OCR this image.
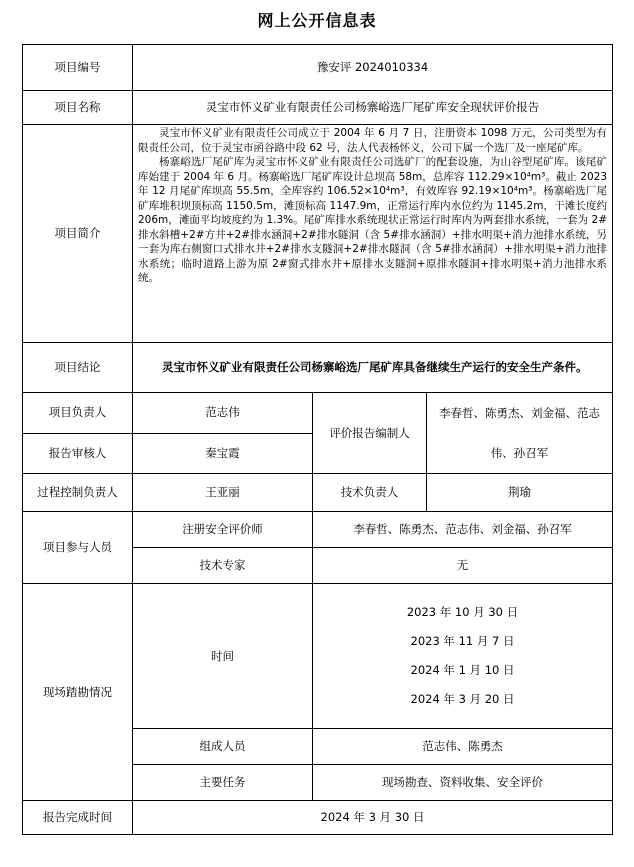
网上公开信息表
项目编号	豫安评 2024010334		
项目名称	灵宝市怀义矿业有限责任公司杨寨峪选厂尾矿库安全现状评价报告		
项目简介	灵宝市怀义矿业有限责任公司成立于 2004 年 6 月 7 日，注册资本 1098 万元，公司类型为有限责任公司，位于灵宝市函谷路中段 62 号，法人代表杨怀义，公司下属一个选厂及一座尾矿库。

杨寨峪选厂尾矿库为灵宝市怀义矿业有限责任公司选矿厂的配套设施，为山谷型尾矿库。该尾矿库始建于 2004 年 6 月。杨寨峪选厂尾矿库设计总坝高 58m，总库容 112.29×10⁴m³。截止 2023 年 12 月尾矿库坝高 55.5m，全库容约 106.52×10⁴m³，有效库容 92.19×10⁴m³。杨寨峪选厂尾矿库堆积坝顶标高 1150.5m，滩顶标高 1147.9m，正常运行库内水位约为 1145.2m，干滩长度约206m，滩面平均坡度约为 1.3%。尾矿库排水系统现状正常运行时库内为两套排水系统，一套为 2#排水斜槽+2#方井+2#排水涵洞+2#排水隧洞（含 5#排水涵洞）+排水明渠+消力池排水系统，另一套为库右侧窗口式排水井+2#排水支隧洞+2#排水隧洞（含 5#排水涵洞）+排水明渠+消力池排水系统；临时道路上游为原 2#窗式排水井+原排水支隧洞+原排水隧洞+排水明渠+消力池排水系统。		

项目结论	灵宝市怀义矿业有限责任公司杨寨峪选厂尾矿库具备继续生产运行的安全生产条件。		

项目负责人	范志伟	评价报告编制人	李春哲、陈勇杰、刘金福、范志
伟、孙召军

报告审核人	秦宝霞		
过程控制负责人	王亚丽	技术负责人	荆瑜
项目参与人员	注册安全评价师	李春哲、陈勇杰、范志伟、刘金福、孙召军	
	技术专家	无	
现场踏勘情况	时间	2023 年 10 月 30 日
2023 年 11 月 7 日
2024 年 1 月 10 日
2024 年 3 月 20 日	

	组成人员	范志伟、陈勇杰	
	主要任务	现场勘查、资料收集、安全评价	
报告完成时间	2024 年 3 月 30 日		
